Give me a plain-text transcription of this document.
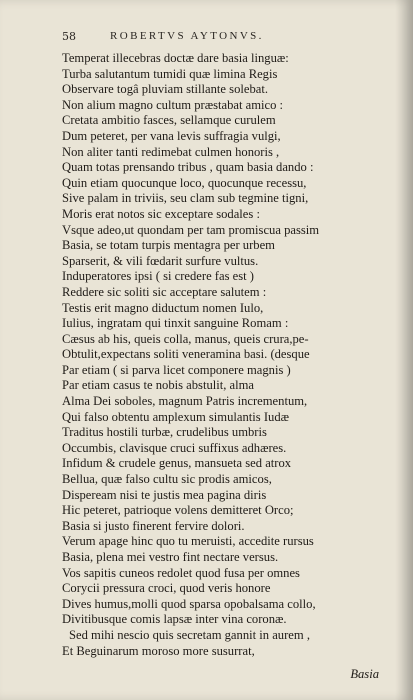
58	ROBERTVS AYTONVS.
Temperat illecebras doctæ dare basia linguæ:
Turba salutantum tumidi quæ limina Regis
Observare togâ pluviam stillante solebat.
Non alium magno cultum præstabat amico :
Cretata ambitio fasces, sellamque curulem
Dum peteret, per vana levis suffragia vulgi,
Non aliter tanti redimebat culmen honoris ,
Quam totas prensando tribus , quam basia dando :
Quin etiam quocunque loco, quocunque recessu,
Sive palam in triviis, seu clam sub tegmine tigni,
Moris erat notos sic exceptare sodales :
Vsque adeo,ut quondam per tam promiscua passim
Basia, se totam turpis mentagra per urbem
Sparserit, & vili fœdarit surfure vultus.
Induperatores ipsi ( si credere fas est )
Reddere sic soliti sic acceptare salutem :
Testis erit magno diductum nomen Iulo,
Iulius, ingratam qui tinxit sanguine Romam :
Cæsus ab his, queis colla, manus, queis crura,pe-
Obtulit,expectans soliti veneramina basi. (desque
Par etiam ( si parva licet componere magnis )
Par etiam casus te nobis abstulit, alma
Alma Dei soboles, magnum Patris incrementum,
Qui falso obtentu amplexum simulantis Iudæ
Traditus hostili turbæ, crudelibus umbris
Occumbis, clavisque cruci suffixus adhæres.
Infidum & crudele genus, mansueta sed atrox
Bellua, quæ falso cultu sic prodis amicos,
Dispeream nisi te justis mea pagina diris
Hic peteret, patrioque volens demitteret Orco;
Basia si justo finerent fervire dolori.
Verum apage hinc quo tu meruisti, accedite rursus
Basia, plena mei vestro fint nectare versus.
Vos sapitis cuneos redolet quod fusa per omnes
Corycii pressura croci, quod veris honore
Dives humus,molli quod sparsa opobalsama collo,
Divitibusque comis lapsæ inter vina coronæ.
Sed mihi nescio quis secretam gannit in aurem ,
Et Beguinarum moroso more susurrat,
Basia
